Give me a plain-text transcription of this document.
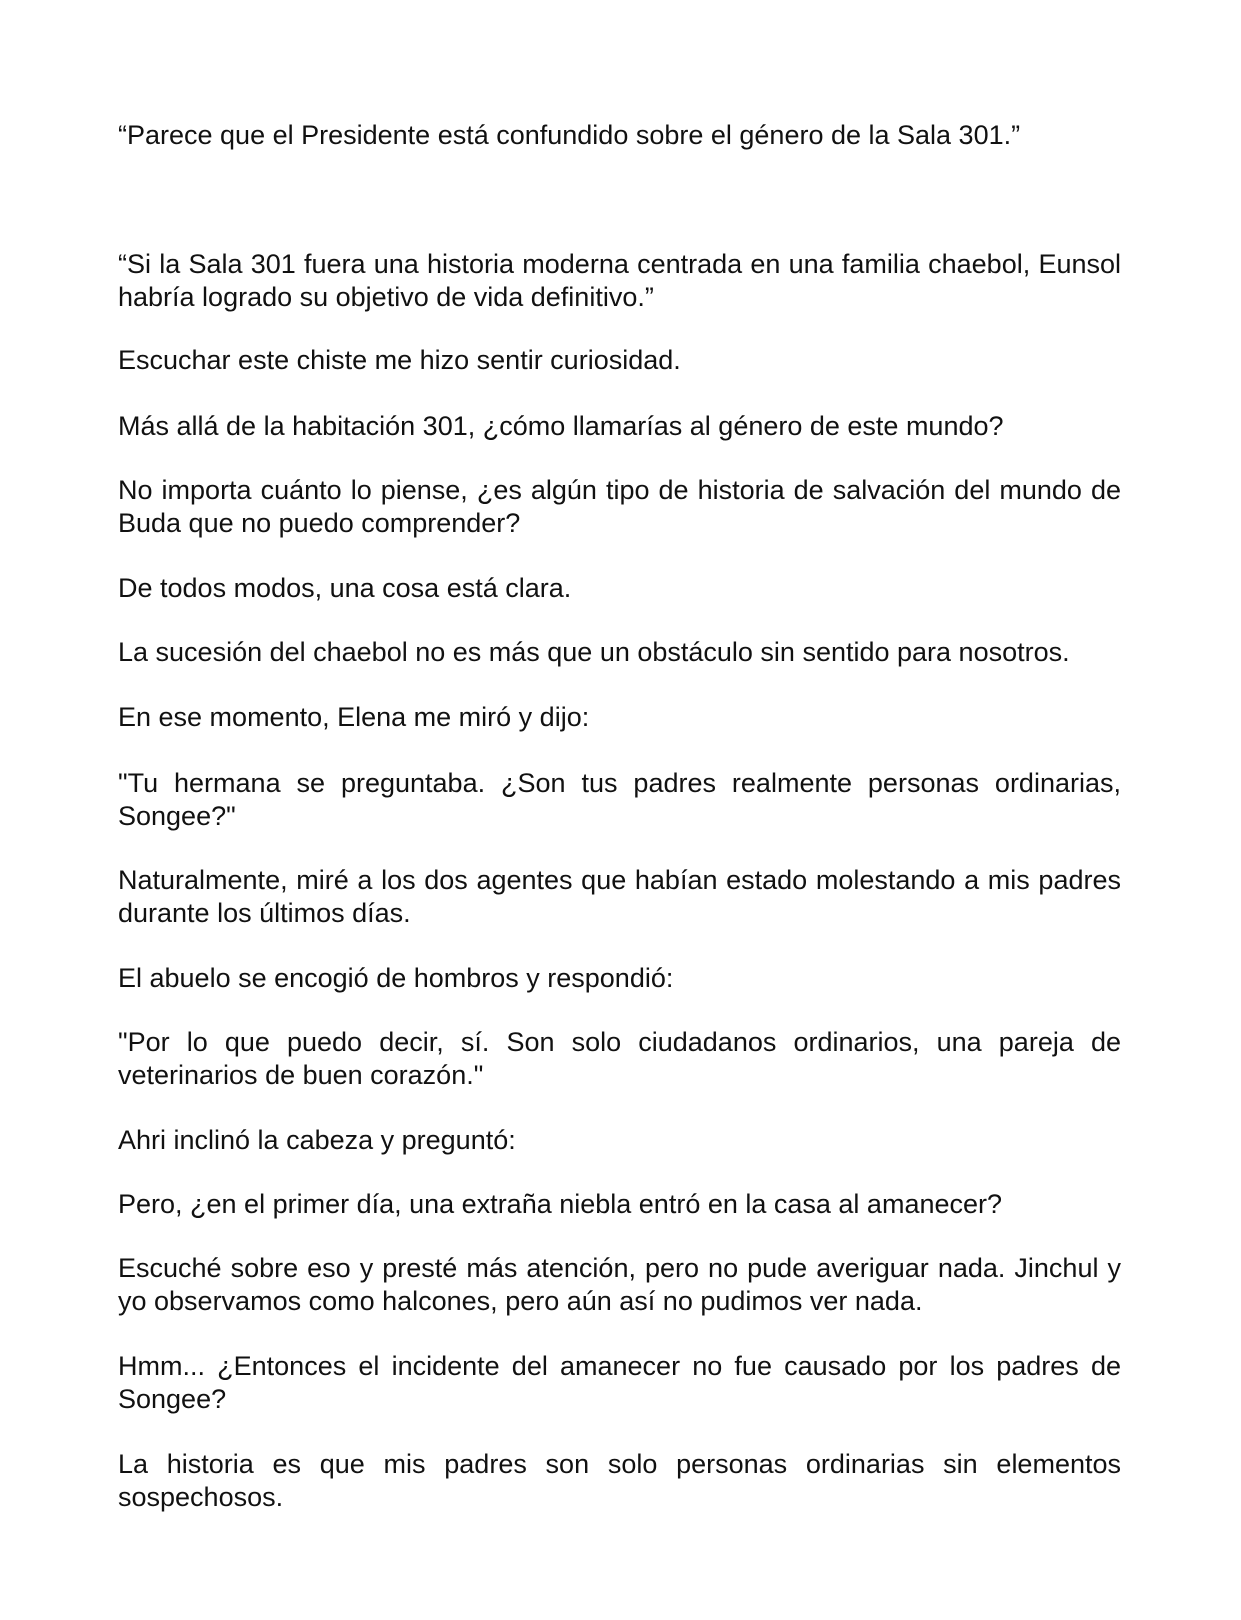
“Parece que el Presidente está confundido sobre el género de la Sala 301.”

“Si la Sala 301 fuera una historia moderna centrada en una familia chaebol, Eunsol habría logrado su objetivo de vida definitivo.”

Escuchar este chiste me hizo sentir curiosidad.

Más allá de la habitación 301, ¿cómo llamarías al género de este mundo?

No importa cuánto lo piense, ¿es algún tipo de historia de salvación del mundo de Buda que no puedo comprender?

De todos modos, una cosa está clara.

La sucesión del chaebol no es más que un obstáculo sin sentido para nosotros.

En ese momento, Elena me miró y dijo:

"Tu hermana se preguntaba. ¿Son tus padres realmente personas ordinarias, Songee?"

Naturalmente, miré a los dos agentes que habían estado molestando a mis padres durante los últimos días.

El abuelo se encogió de hombros y respondió:

"Por lo que puedo decir, sí. Son solo ciudadanos ordinarios, una pareja de veterinarios de buen corazón."

Ahri inclinó la cabeza y preguntó:

Pero, ¿en el primer día, una extraña niebla entró en la casa al amanecer?

Escuché sobre eso y presté más atención, pero no pude averiguar nada. Jinchul y yo observamos como halcones, pero aún así no pudimos ver nada.

Hmm... ¿Entonces el incidente del amanecer no fue causado por los padres de Songee?

La historia es que mis padres son solo personas ordinarias sin elementos sospechosos.
